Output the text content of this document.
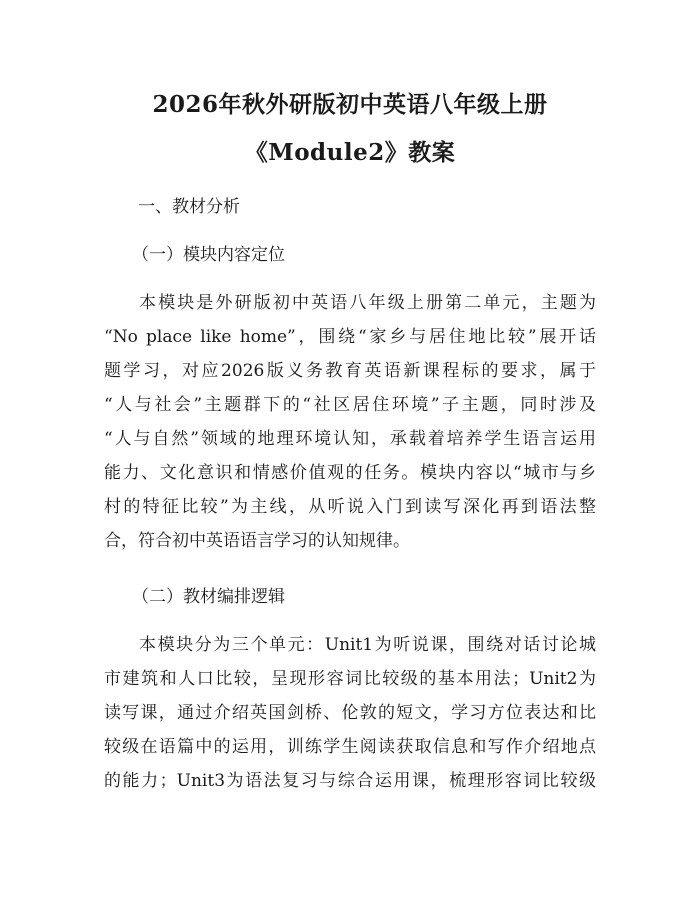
2026年秋外研版初中英语八年级上册
《Module2》教案
一、教材分析
（一）模块内容定位
本模块是外研版初中英语八年级上册第二单元，主题为
“No place like home”，围绕“家乡与居住地比较”展开话
题学习，对应2026版义务教育英语新课程标的要求，属于
“人与社会”主题群下的“社区居住环境”子主题，同时涉及
“人与自然”领域的地理环境认知，承载着培养学生语言运用
能力、文化意识和情感价值观的任务。模块内容以“城市与乡
村的特征比较”为主线，从听说入门到读写深化再到语法整
合，符合初中英语语言学习的认知规律。
（二）教材编排逻辑
本模块分为三个单元：Unit1为听说课，围绕对话讨论城
市建筑和人口比较，呈现形容词比较级的基本用法；Unit2为
读写课，通过介绍英国剑桥、伦敦的短文，学习方位表达和比
较级在语篇中的运用，训练学生阅读获取信息和写作介绍地点
的能力；Unit3为语法复习与综合运用课，梳理形容词比较级
